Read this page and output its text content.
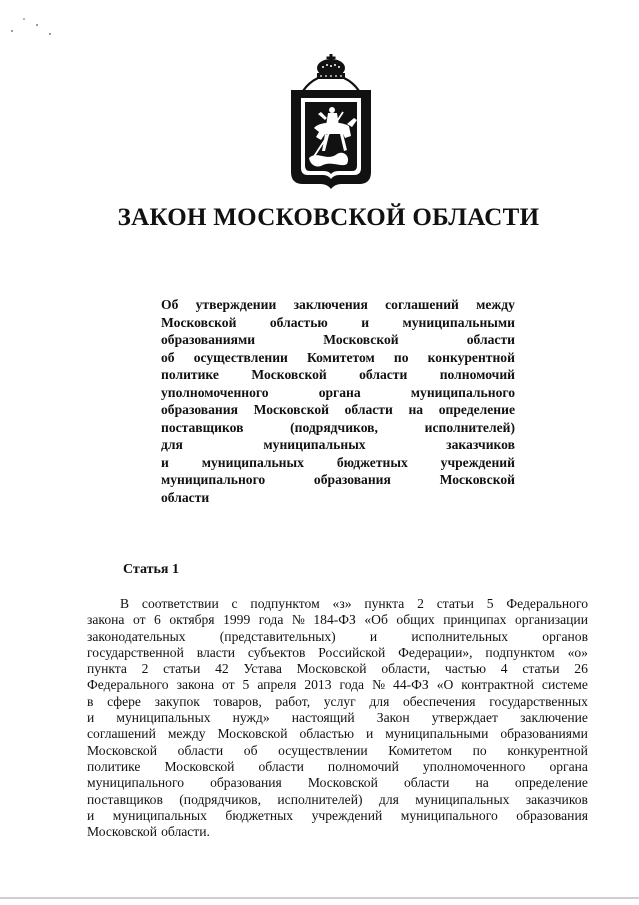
ЗАКОН МОСКОВСКОЙ ОБЛАСТИ
Об утверждении заключения соглашений между
Московской областью и муниципальными
образованиями	Московской	области
об осуществлении Комитетом по конкурентной
политике Московской области полномочий
уполномоченного	органа	муниципального
образования Московской области на определение
поставщиков	(подрядчиков,	исполнителей)
для	муниципальных	заказчиков
и муниципальных бюджетных учреждений
муниципального	образования	Московской
области
Статья 1
В соответствии с подпунктом «з» пункта 2 статьи 5 Федерального
закона от 6 октября 1999 года № 184-ФЗ «Об общих принципах организации
законодательных	(представительных)	и	исполнительных	органов
государственной власти субъектов Российской Федерации», подпунктом «о»
пункта 2 статьи 42 Устава Московской области, частью 4 статьи 26
Федерального закона от 5 апреля 2013 года № 44-ФЗ «О контрактной системе
в сфере закупок товаров, работ, услуг для обеспечения государственных
и муниципальных нужд» настоящий Закон утверждает заключение
соглашений между Московской областью и муниципальными образованиями
Московской области об осуществлении Комитетом по конкурентной
политике Московской области полномочий уполномоченного органа
муниципального образования Московской области на определение
поставщиков (подрядчиков, исполнителей) для муниципальных заказчиков
и муниципальных бюджетных учреждений муниципального образования
Московской области.
